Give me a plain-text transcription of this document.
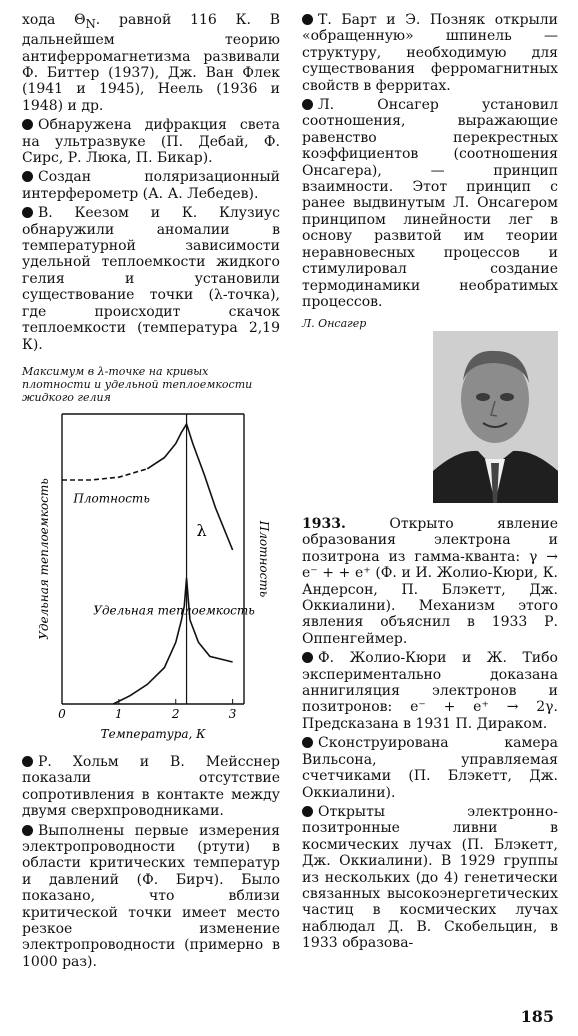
хода $\Theta_N$. равной 116 К. В дальнейшем теорию антиферромагнетизма развивали Ф. Биттер (1937), Дж. Ван Флек (1941 и 1945), Неель (1936 и 1948) и др.

Обнаружена дифракция света на ультразвуке (П. Дебай, Ф. Сирс, Р. Люка, П. Бикар).

Создан поляризационный интерферометр (А. А. Лебедев).

В. Кеезом и К. Клузиус обнаружили аномалии в температурной зависимости удельной теплоемкости жидкого гелия и установили существование точки (λ-точка), где происходит скачок теплоемкости (температура 2,19 К).

Максимум в λ-точке на кривых плотности и удельной теплоемкости жидкого гелия
0	1	2	3
λ
Плотность
Удельная теплоемкость
Удельная теплоемкость	Плотность
Температура, К

Р. Хольм и В. Мейсснер показали отсутствие сопротивления в контакте между двумя сверхпроводниками.

Выполнены первые измерения электропроводности (ртути) в области критических температур и давлений (Ф. Бирч). Было показано, что вблизи критической точки имеет место резкое изменение электропроводности (примерно в 1000 раз).

Т. Барт и Э. Позняк открыли «обращенную» шпинель — структуру, необходимую для существования ферромагнитных свойств в ферритах.

Л. Онсагер установил соотношения, выражающие равенство перекрестных коэффициентов (соотношения Онсагера), — принцип взаимности. Этот принцип с ранее выдвинутым Л. Онсагером принципом линейности лег в основу развитой им теории неравновесных процессов и стимулировал создание термодинамики необратимых процессов.

Л. Онсагер

1933.	Открыто явление образования электрона и позитрона из гамма-кванта: γ → e⁻ + + e⁺ (Ф. и И. Жолио-Кюри, К. Андерсон, П. Блэкетт, Дж. Оккиалини). Механизм этого явления объяснил в 1933 Р. Оппенгеймер.

Ф. Жолио-Кюри и Ж. Тибо экспериментально доказана аннигиляция электронов и позитронов: e⁻ + e⁺ → 2γ. Предсказана в 1931 П. Дираком.

Сконструирована камера Вильсона, управляемая счетчиками (П. Блэкетт, Дж. Оккиалини).

Открыты электронно-позитронные ливни в космических лучах (П. Блэкетт, Дж. Оккиалини). В 1929 группы из нескольких (до 4) генетически связанных высокоэнергетических частиц в космических лучах наблюдал Д. В. Скобельцин, в 1933 образова-

185
